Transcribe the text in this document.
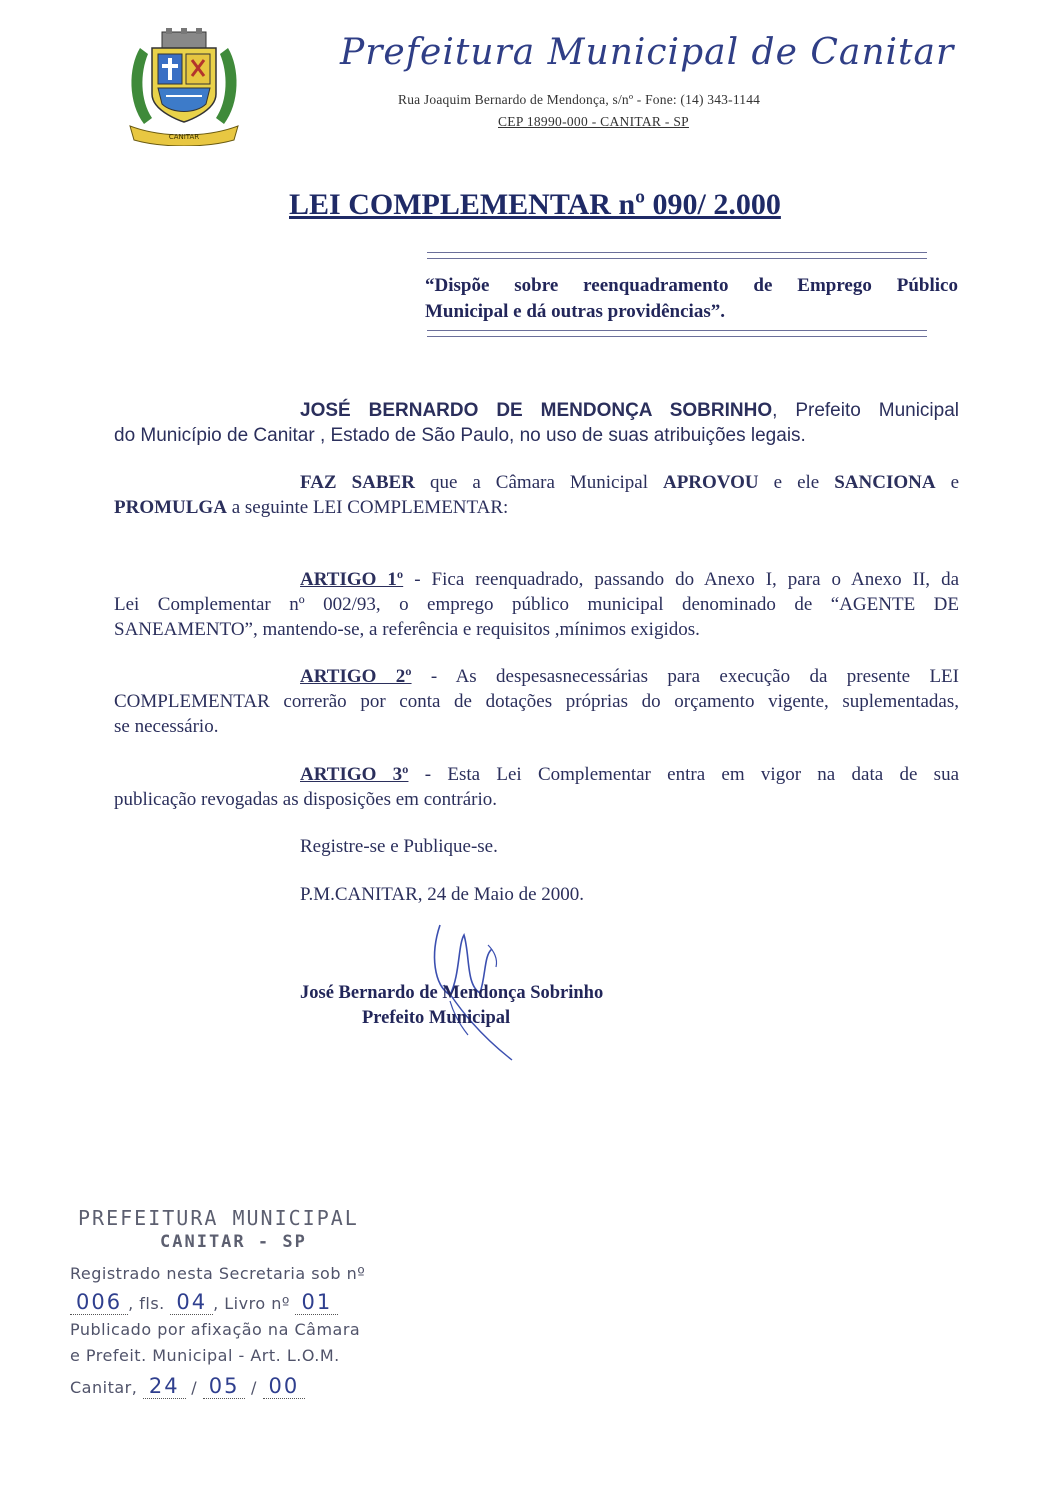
CANITAR
Prefeitura Municipal de Canitar
Rua Joaquim Bernardo de Mendonça, s/nº - Fone: (14) 343-1144
CEP 18990-000 - CANITAR - SP
LEI COMPLEMENTAR nº 090/ 2.000
“Dispõe sobre reenquadramento de Emprego Público
Municipal e dá outras providências”.

JOSÉ BERNARDO DE MENDONÇA SOBRINHO, Prefeito Municipal
do Município de Canitar , Estado de São Paulo, no uso de suas atribuições legais.

FAZ SABER que a Câmara Municipal APROVOU e ele SANCIONA e
PROMULGA a seguinte LEI COMPLEMENTAR:

ARTIGO 1º - Fica reenquadrado, passando do Anexo I, para o Anexo II, da
Lei Complementar nº 002/93, o emprego público municipal denominado de “AGENTE DE
SANEAMENTO”, mantendo-se, a referência e requisitos ,mínimos exigidos.

ARTIGO 2º - As despesasnecessárias para execução da presente LEI
COMPLEMENTAR correrão por conta de dotações próprias do orçamento vigente, suplementadas,
se necessário.

ARTIGO 3º - Esta Lei Complementar entra em vigor na data de sua
publicação revogadas as disposições em contrário.

Registre-se e Publique-se.
P.M.CANITAR, 24 de Maio de 2000.
José Bernardo de Mendonça Sobrinho
Prefeito Municipal
PREFEITURA MUNICIPAL
CANITAR - SP
Registrado nesta Secretaria sob nº
006 , fls. 04 , Livro nº 01
Publicado por afixação na Câmara
e Prefeit. Municipal - Art. L.O.M.
Canitar, 24 / 05 / 00
